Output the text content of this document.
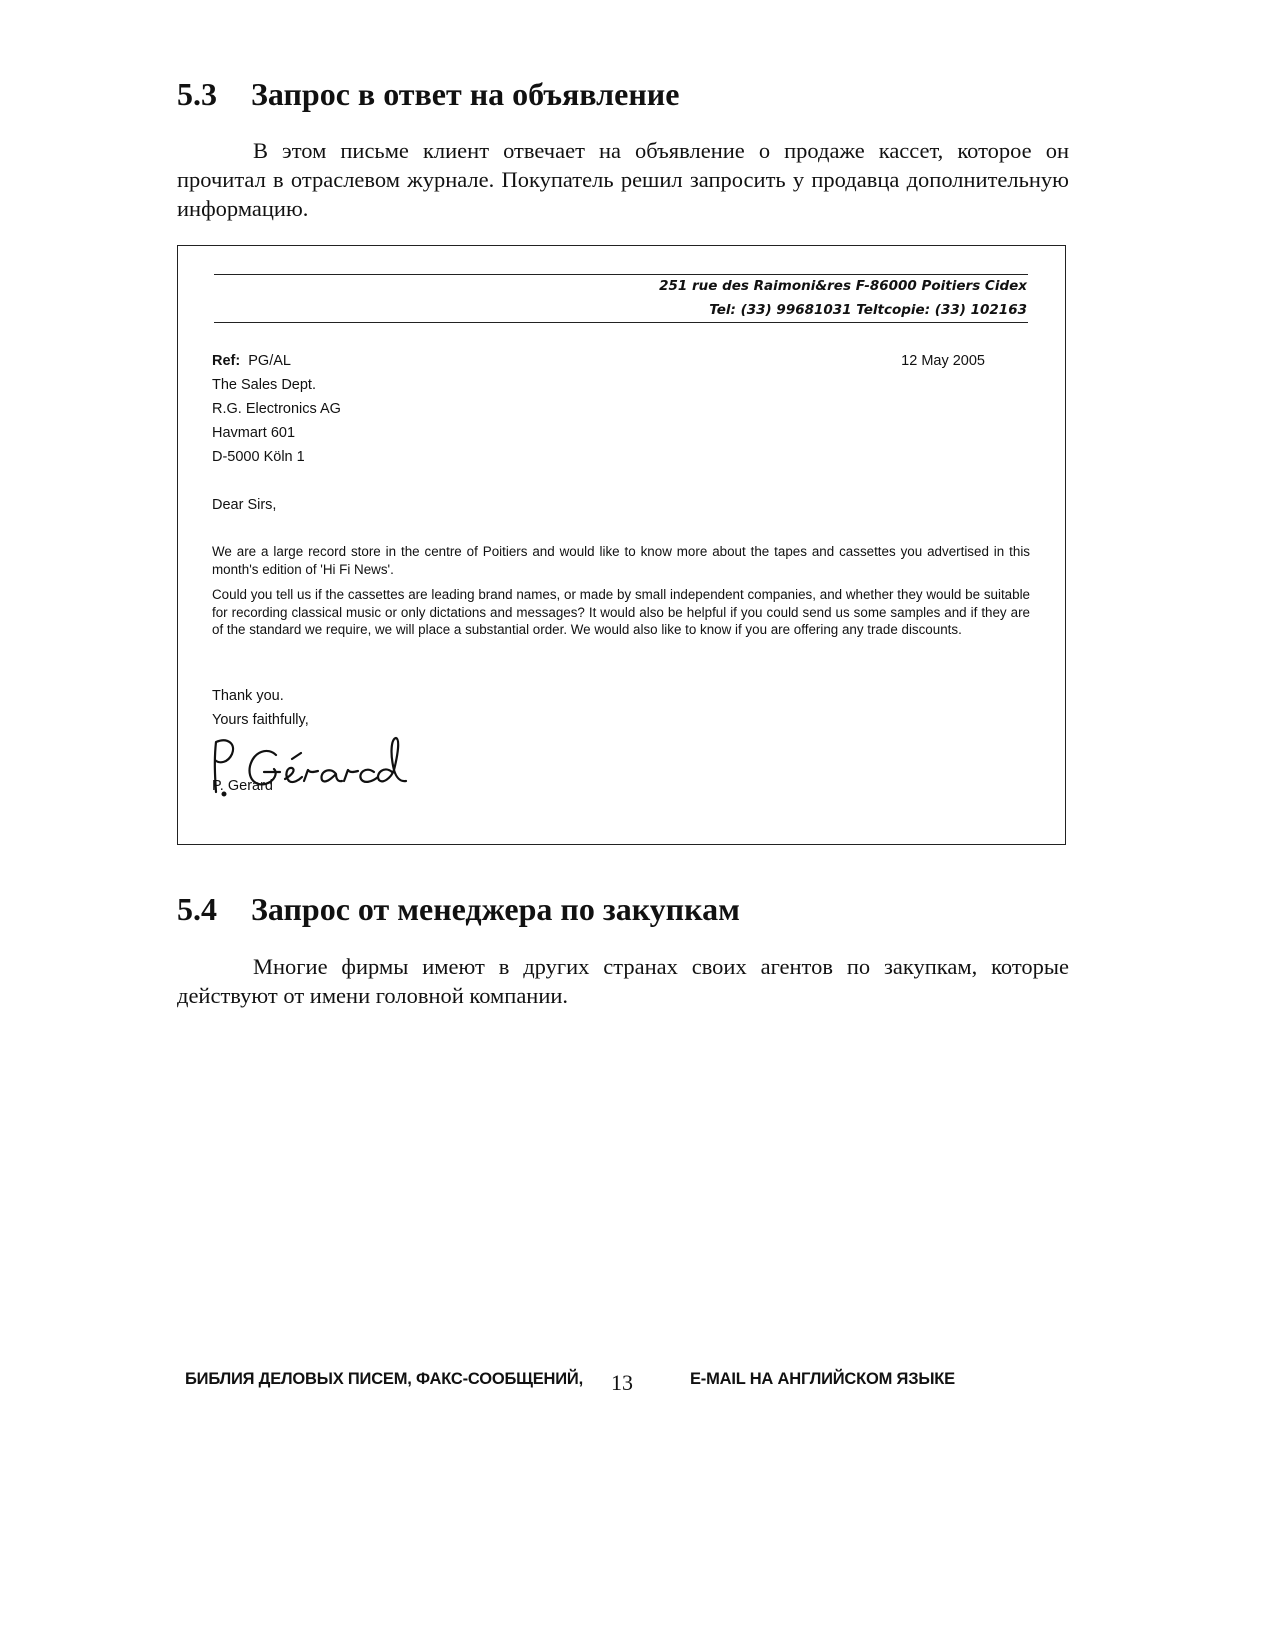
5.3 Запрос в ответ на объявление

В этом письме клиент отвечает на объявление о продаже кассет, которое он прочитал в отраслевом журнале. Покупатель решил запросить у продавца дополнительную информацию.

251 rue des Raimoni&res F-86000 Poitiers Cidex

Tel: (33) 99681031 Teltcopie: (33) 102163

Ref: PG/AL	12 May 2005

The Sales Dept.

R.G. Electronics AG

Havmart 601

D-5000 Köln 1

Dear Sirs,

We are a large record store in the centre of Poitiers and would like to know more about the tapes and cassettes you advertised in this month's edition of 'Hi Fi News'.

Could you tell us if the cassettes are leading brand names, or made by small independent companies, and whether they would be suitable for recording classical music or only dictations and messages? It would also be helpful if you could send us some samples and if they are of the standard we require, we will place a substantial order. We would also like to know if you are offering any trade discounts.

Thank you.

Yours faithfully,

P. Gerard

5.4 Запрос от менеджера по закупкам

Многие фирмы имеют в других странах своих агентов по закупкам, которые действуют от имени головной компании.

БИБЛИЯ ДЕЛОВЫХ ПИСЕМ, ФАКС-СООБЩЕНИЙ, 13	E-MAIL НА АНГЛИЙСКОМ ЯЗЫКЕ
